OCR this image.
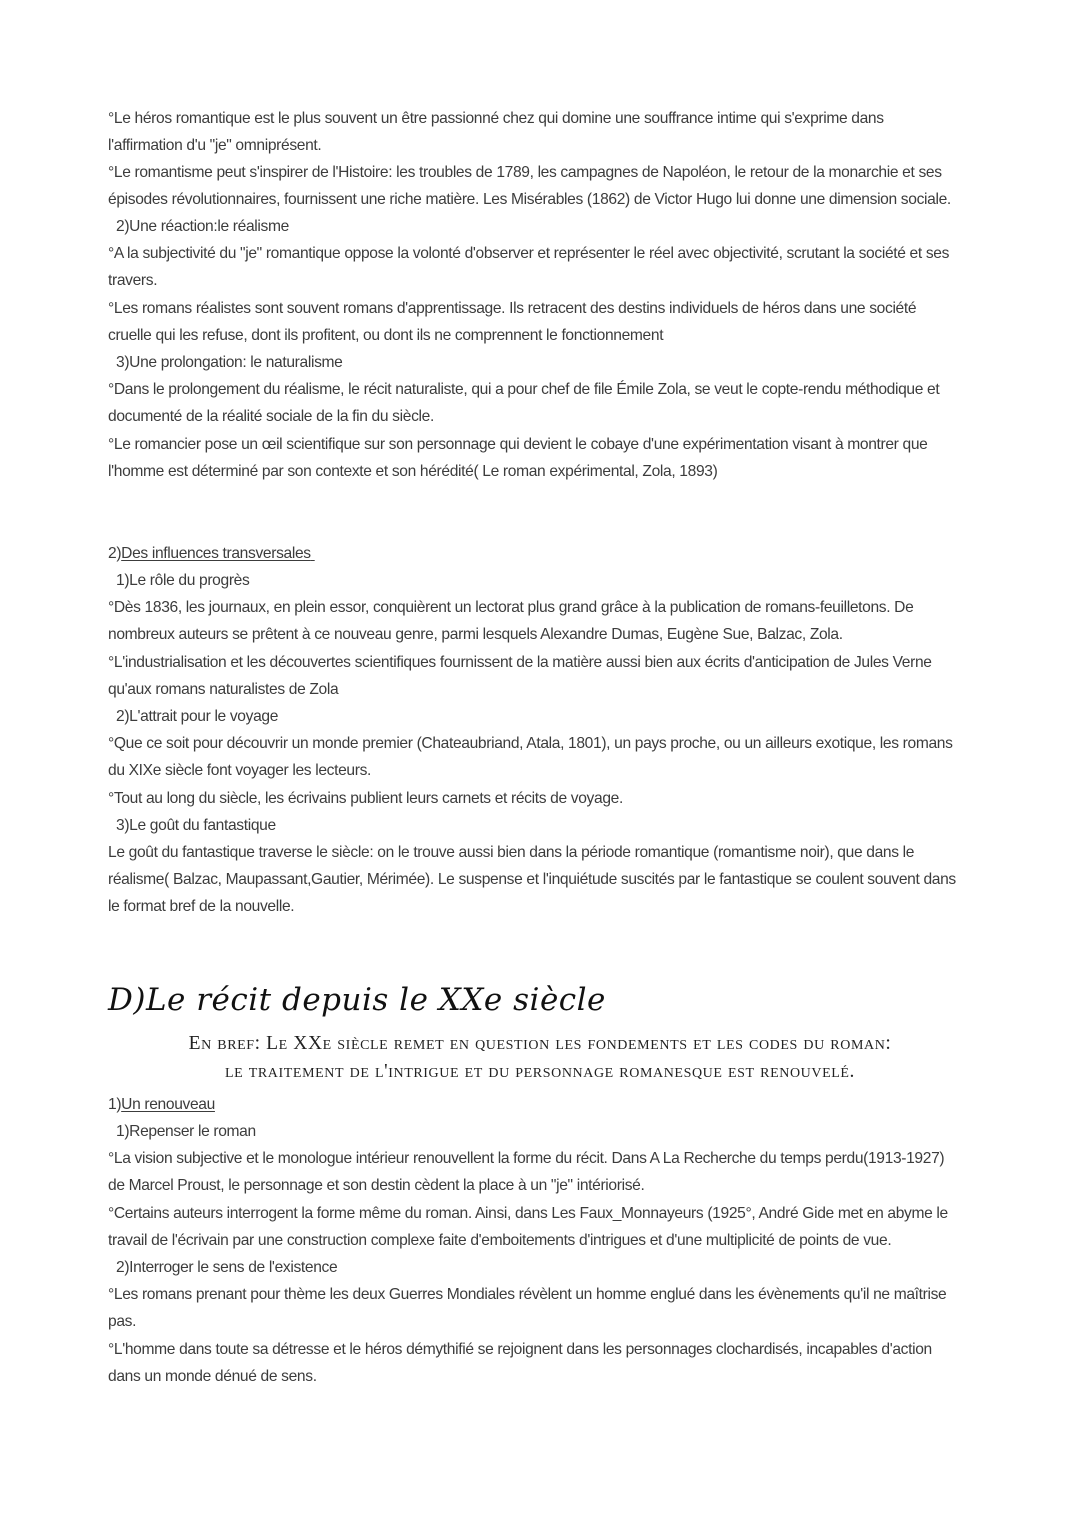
°Le héros romantique est le plus souvent un être passionné chez qui domine une souffrance intime qui s'exprime dans
l'affirmation d'u "je" omniprésent.
°Le romantisme peut s'inspirer de l'Histoire: les troubles de 1789, les campagnes de Napoléon, le retour de la monarchie et ses
épisodes révolutionnaires, fournissent une riche matière. Les Misérables (1862) de Victor Hugo lui donne une dimension sociale.
2)Une réaction:le réalisme
°A la subjectivité du "je" romantique oppose la volonté d'observer et représenter le réel avec objectivité, scrutant la société et ses
travers.
°Les romans réalistes sont souvent romans d'apprentissage. Ils retracent des destins individuels de héros dans une société
cruelle qui les refuse, dont ils profitent, ou dont ils ne comprennent le fonctionnement
3)Une prolongation: le naturalisme
°Dans le prolongement du réalisme, le récit naturaliste, qui a pour chef de file Émile Zola, se veut le copte-rendu méthodique et
documenté de la réalité sociale de la fin du siècle.
°Le romancier pose un œil scientifique sur son personnage qui devient le cobaye d'une expérimentation visant à montrer que
l'homme est déterminé par son contexte et son hérédité( Le roman expérimental, Zola, 1893)
2)Des influences transversales
1)Le rôle du progrès
°Dès 1836, les journaux, en plein essor, conquièrent un lectorat plus grand grâce à la publication de romans-feuilletons. De
nombreux auteurs se prêtent à ce nouveau genre, parmi lesquels Alexandre Dumas, Eugène Sue, Balzac, Zola.
°L'industrialisation et les découvertes scientifiques fournissent de la matière aussi bien aux écrits d'anticipation de Jules Verne
qu'aux romans naturalistes de Zola
2)L'attrait pour le voyage
°Que ce soit pour découvrir un monde premier (Chateaubriand, Atala, 1801), un pays proche, ou un ailleurs exotique, les romans
du XIXe siècle font voyager les lecteurs.
°Tout au long du siècle, les écrivains publient leurs carnets et récits de voyage.
3)Le goût du fantastique
Le goût du fantastique traverse le siècle: on le trouve aussi bien dans la période romantique (romantisme noir), que dans le
réalisme( Balzac, Maupassant,Gautier, Mérimée). Le suspense et l'inquiétude suscités par le fantastique se coulent souvent dans
le format bref de la nouvelle.
D)Le récit depuis le XXe siècle
En bref: Le XXe siècle remet en question les fondements et les codes du roman:
le traitement de l'intrigue et du personnage romanesque est renouvelé.
1)Un renouveau
1)Repenser le roman
°La vision subjective et le monologue intérieur renouvellent la forme du récit. Dans A La Recherche du temps perdu(1913-1927)
de Marcel Proust, le personnage et son destin cèdent la place à un "je" intériorisé.
°Certains auteurs interrogent la forme même du roman. Ainsi, dans Les Faux_Monnayeurs (1925°, André Gide met en abyme le
travail de l'écrivain par une construction complexe faite d'emboitements d'intrigues et d'une multiplicité de points de vue.
2)Interroger le sens de l'existence
°Les romans prenant pour thème les deux Guerres Mondiales révèlent un homme englué dans les évènements qu'il ne maîtrise
pas.
°L'homme dans toute sa détresse et le héros démythifié se rejoignent dans les personnages clochardisés, incapables d'action
dans un monde dénué de sens.
